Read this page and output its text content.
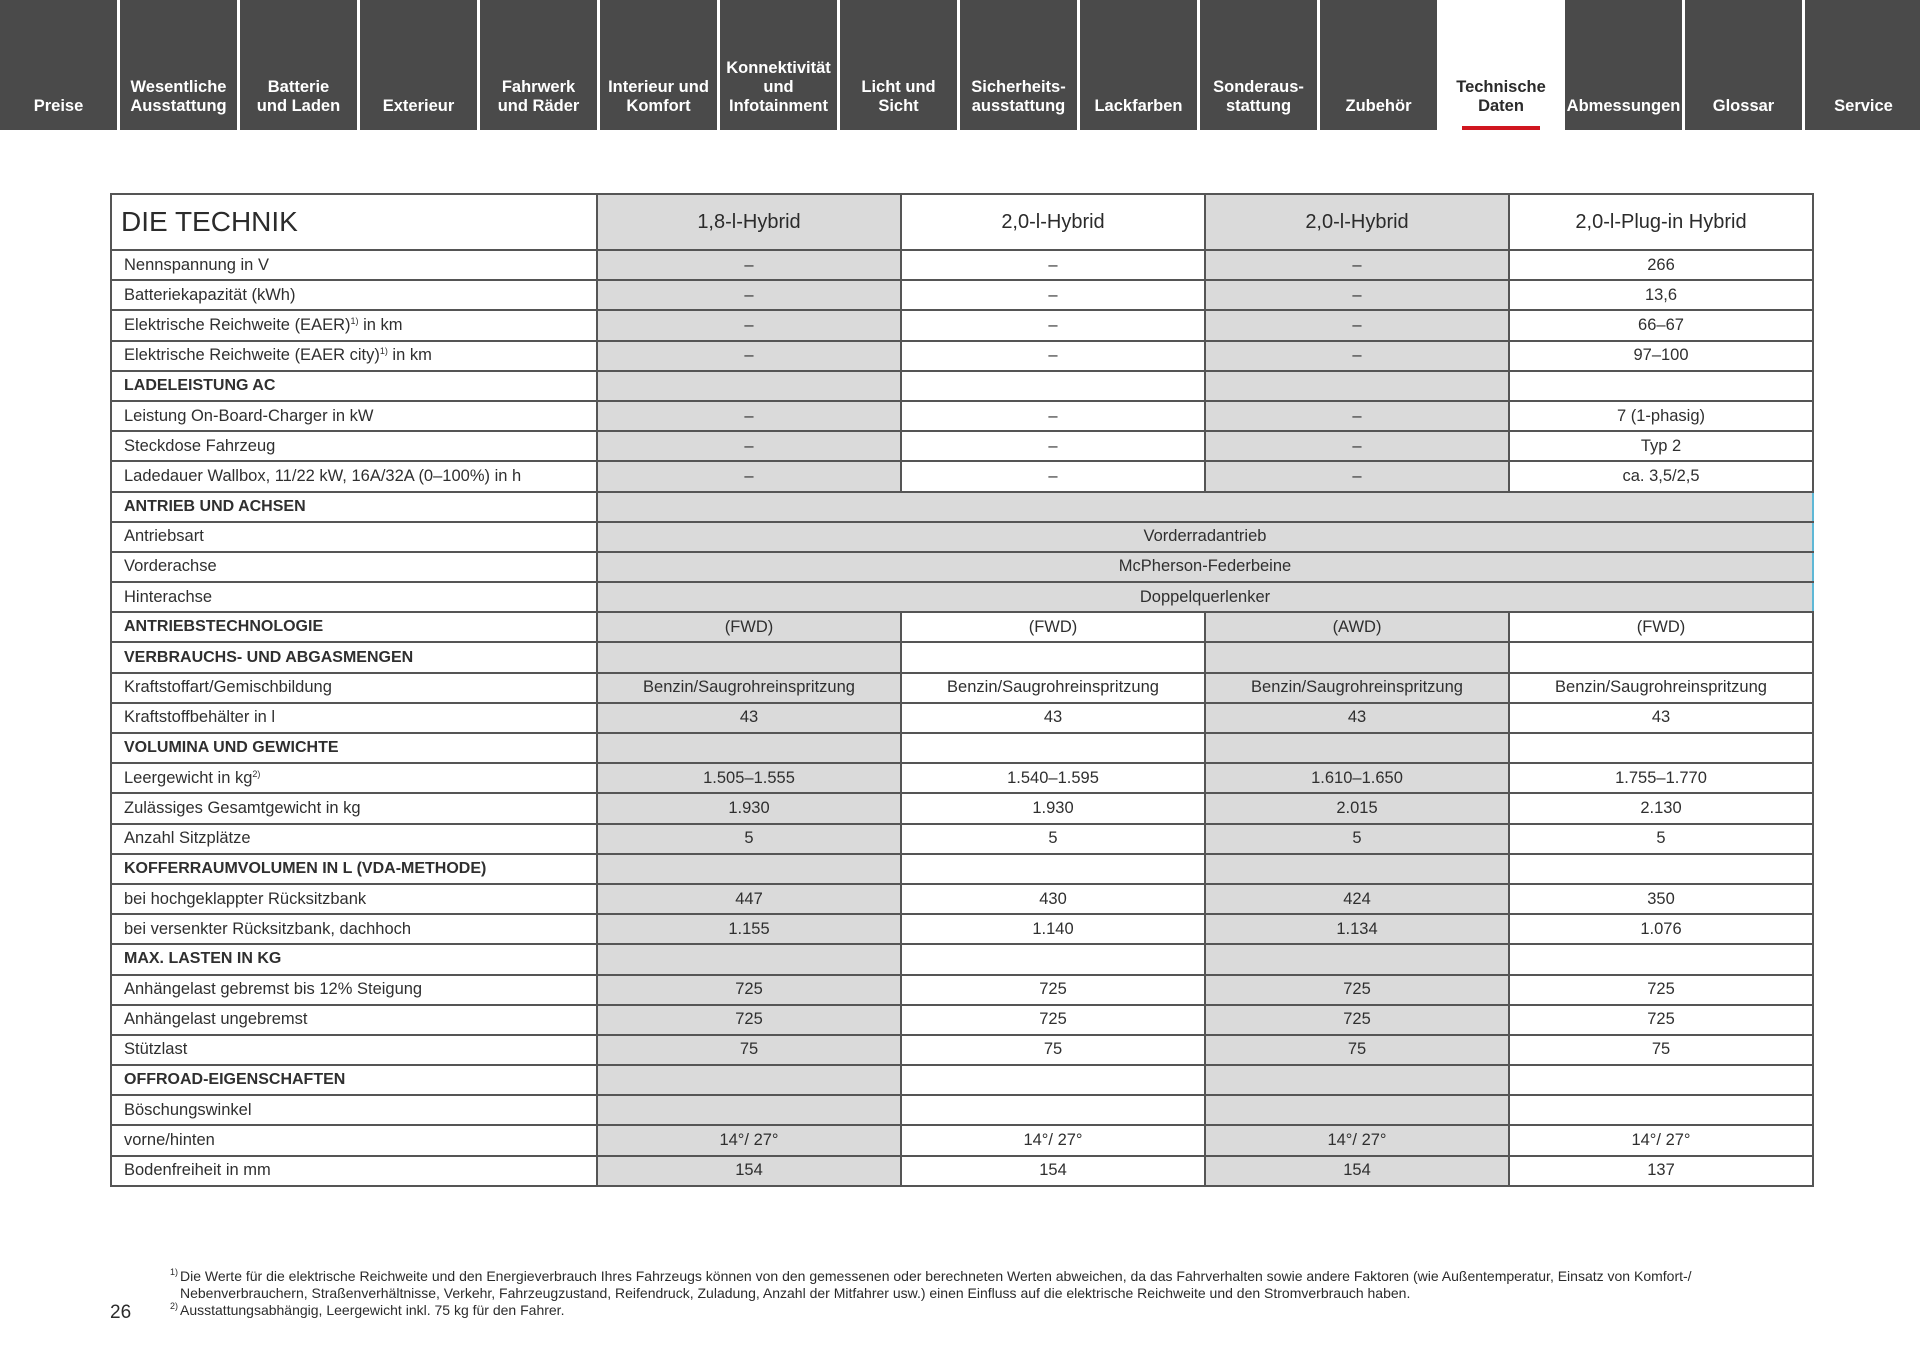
Preise
Wesentliche
Ausstattung
Batterie
und Laden	Exterieur
Fahrwerk
und Räder
Interieur und
Komfort
Konnektivität
und
Infotainment
Licht und Sicht
Sicherheits-
ausstattung	Lackfarben
Sonderaus-
stattung	Zubehör
Technische
Daten	Abmessungen	Glossar	Service
DIE TECHNIK	1,8-l-Hybrid	2,0-l-Hybrid	2,0-l-Hybrid	2,0-l-Plug-in Hybrid
Nennspannung in V	–	–	–	266
Batteriekapazität (kWh)	–	–	–	13,6
Elektrische Reichweite (EAER)$^{1)}$ in km	–	–	–	66–67
Elektrische Reichweite (EAER city)$^{1)}$ in km	–	–	–	97–100
LADELEISTUNG AC				
Leistung On-Board-Charger in kW	–	–	–	7 (1-phasig)
Steckdose Fahrzeug	–	–	–	Typ 2
Ladedauer Wallbox, 11/22 kW, 16A/32A (0–100%) in h	–	–	–	ca. 3,5/2,5
ANTRIEB UND ACHSEN				
Antriebsart	Vorderradantrieb			
Vorderachse	McPherson-Federbeine			
Hinterachse	Doppelquerlenker			
ANTRIEBSTECHNOLOGIE	(FWD)	(FWD)	(AWD)	(FWD)
VERBRAUCHS- UND ABGASMENGEN				
Kraftstoffart/Gemischbildung	Benzin/Saugrohreinspritzung	Benzin/Saugrohreinspritzung	Benzin/Saugrohreinspritzung	Benzin/Saugrohreinspritzung
Kraftstoffbehälter in l	43	43	43	43
VOLUMINA UND GEWICHTE				
Leergewicht in $kg^{2)}$	1.505–1.555	1.540–1.595	1.610–1.650	1.755–1.770
Zulässiges Gesamtgewicht in kg	1.930	1.930	2.015	2.130
Anzahl Sitzplätze	5	5	5	5
KOFFERRAUMVOLUMEN IN L (VDA-METHODE)				
bei hochgeklappter Rücksitzbank	447	430	424	350
bei versenkter Rücksitzbank, dachhoch	1.155	1.140	1.134	1.076
MAX. LASTEN IN KG				
Anhängelast gebremst bis 12% Steigung	725	725	725	725
Anhängelast ungebremst	725	725	725	725
Stützlast	75	75	75	75
OFFROAD-EIGENSCHAFTEN				
Böschungswinkel				
vorne/hinten	14°/ 27°	14°/ 27°	14°/ 27°	14°/ 27°
Bodenfreiheit in mm	154	154	154	137
26
1) Die Werte für die elektrische Reichweite und den Energieverbrauch Ihres Fahrzeugs können von den gemessenen oder berechneten Werten abweichen, da das Fahrverhalten sowie andere Faktoren (wie Außentemperatur, Einsatz von Komfort-/ Nebenverbrauchern, Straßenverhältnisse, Verkehr, Fahrzeugzustand, Reifendruck, Zuladung, Anzahl der Mitfahrer usw.) einen Einfluss auf die elektrische Reichweite und den Stromverbrauch haben.
2) Ausstattungsabhängig, Leergewicht inkl. 75 kg für den Fahrer.
